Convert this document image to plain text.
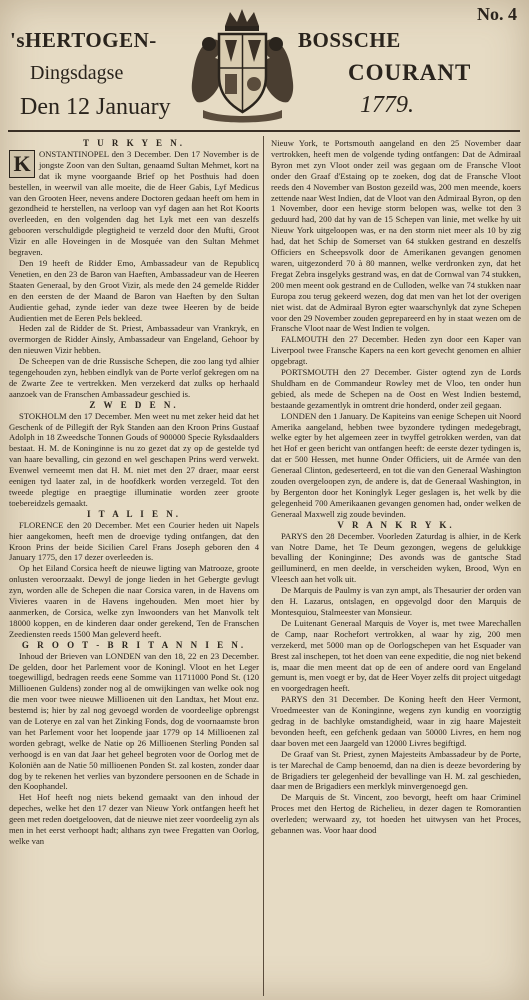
No. 4
'sHERTOGEN-	BOSSCHE
Dingsdagse	COURANT
Den 12 January	1779.

T U R K Y E N.

K ONSTANTINOPEL den 3 December. Den 17 November is de jongste Zoon van den Sultan, genaamd Sultan Mehmet, kort na dat ik myne voorgaande Brief op het Posthuis had doen bestellen, in weerwil van alle moeite, die de Heer Gabis, Lyf Medicus van den Grooten Heer, nevens andere Doctoren gedaan heeft om hem in gezondheid te herstellen, na verloop van vyf dagen aan het Rot Koorts overleeden, en den volgenden dag het Lyk met een van deszelfs gebooren verschuldigde plegtigheid te verzeld door den Mufti, Groot Vizir en alle Hoveingen in de Mosquée van den Sultan Mehmet begraven.

Den 19 heeft de Ridder Emo, Ambassadeur van de Republicq Venetien, en den 23 de Baron van Haeften, Ambassadeur van de Heeren Staaten Generaal, by den Groot Vizir, als mede den 24 gemelde Ridder en den eersten de der Maand de Baron van Haeften by den Sultan Audientie gehad, zynde ieder van deze twee Heeren by de beide Audientien met de Eeren Pels bekleed.

Heden zal de Ridder de St. Priest, Ambassadeur van Vrankryk, en overmorgen de Ridder Ainsly, Ambassadeur van Engeland, Gehoor by den nieuwen Vizir hebben.

De Scheepen van de drie Russische Schepen, die zoo lang tyd alhier tegengehouden zyn, hebben eindlyk van de Porte verlof gekregen om na de Zwarte Zee te vertrekken. Men verzekerd dat zulks op herhaald aanzoek van de Franschen Ambassadeur geschied is.

Z W E D E N.

STOKHOLM den 17 December. Men weet nu met zeker heid dat het Geschenk of de Pillegift der Ryk Standen aan den Kroon Prins Gustaaf Adolph in 18 Zweedsche Tonnen Gouds of 900000 Specie Ryksdaalders bestaat. H. M. de Koninginne is nu zo gezet dat zy op de gestelde tyd van haare bevalling, cin gezond en wel geschapen Prins werd verwekt. Evenwel verneemt men dat H. M. niet met den 27 draer, maar eerst eenigen tyd laater zal, in de hoofdkerk worden verzegeld. Tot den tweede plegtige en praegtige illuminatie worden zeer groote toebereidzels gemaakt.

I T A L I E N.

FLORENCE den 20 December. Met een Courier heden uit Napels hier aangekomen, heeft men de droevige tyding ontfangen, dat den Kroon Prins der beide Sicilien Carel Frans Joseph geboren den 4 January 1775, den 17 dezer overleeden is.

Op het Eiland Corsica heeft de nieuwe ligting van Matrooze, groote onlusten veroorzaakt. Dewyl de jonge lieden in het Gebergte gevlugt zyn, worden alle de Schepen die naar Corsica varen, in de Havens om Vivieres vaaren in de Havens ingehouden. Men moet hier by aanmerken, de Corsica, welke zyn Inwoonders van het Manvolk telt 18000 koppen, en de kinderen daar onder gerekend, Ten de Franschen Zeediensten reeds 1500 Man geleverd heeft.

G R O O T - B R I T A N N I E N.

Inhoud der Brieven van LONDEN van den 18, 22 en 23 December. De gelden, door het Parlement voor de Koningl. Vloot en het Leger toegewilligd, bedragen reeds eene Somme van 11711000 Pond St. (120 Millioenen Guldens) zonder nog al de omwijkingen van welke ook nog die men voor twee nieuwe Millioenen uit den Landtax, het Mout enz. bestemd is; hier by zal nog gevoegd worden de voordeelige opbrengst van de Loterye en zal van het Zinking Fonds, dog de voornaamste bron van het Parlement voor het loopende jaar 1779 op 14 Millioenen zal worden gebragt, welke de Natie op 26 Millioenen Sterling Ponden sal verhoogd is en van dat Jaar het geheel begroten voor de Oorlog met de Koloniën aan de Natie 50 millioenen Ponden St. zal kosten, zonder daar dog by te rekenen het verlies van byzondere persoonen en de Schade in den Koophandel.

Het Hof heeft nog niets bekend gemaakt van den inhoud der depeches, welke het den 17 dezer van Nieuw York ontfangen heeft het geen met reden doetgelooven, dat de nieuwe niet zeer voordeelig zyn als men in het eerst verhoopt hadt; althans zyn twee Fregatten van Oorlog, welke van

Nieuw York, te Portsmouth aangeland en den 25 November daar vertrokken, heeft men de volgende tyding ontfangen: Dat de Admiraal Byron met zyn Vloot onder zeil was gegaan om de Fransche Vloot onder den Graaf d'Estaing op te zoeken, dog dat de Fransche Vloot reeds den 4 November van Boston gezeild was, 200 men meende, koers zettende naar West Indien, dat de Vloot van den Admiraal Byron, op den 1 November, door een hevige storm belopen was, welke tot den 3 geduurd had, 200 dat hy van de 15 Schepen van linie, met welke hy uit Nieuw York uitgeloopen was, er na den storm niet meer als 10 by zig had, dat het Schip de Somerset van 64 stukken gestrand en deszelfs Officiers en Scheepsvolk door de Amerikanen gevangen genomen waren, uitgezonderd 70 à 80 mannen, welke verdronken zyn, dat het Fregat Zebra insgelyks gestrand was, en dat de Cornwal van 74 stukken, 200 men meent ook gestrand en de Culloden, welke van 74 stukken naar Europa zou terug gekeerd wezen, dog dat men van het lot der overigen niet wist. dat de Admiraal Byron egter waarschynlyk dat zyne Schepen voor den 29 November zouden geprepareerd en hy in staat wezen om de Fransche Vloot naar de West Indien te volgen.

FALMOUTH den 27 December. Heden zyn door een Kaper van Liverpool twee Fransche Kapers na een kort gevecht genomen en alhier opgebragt.

PORTSMOUTH den 27 December. Gister ogtend zyn de Lords Shuldham en de Commandeur Rowley met de Vloo, ten onder hun gebied, als mede de Schepen na de Oost en West Indien bestemd, bestaande gezamentlyk in omtrent drie honderd, onder zeil gegaan.

LONDEN den 1 January. De Kapiteins van eenige Schepen uit Noord Amerika aangeland, hebben twee byzondere tydingen medegebragt, welke egter by het algemeen zeer in twyffel getrokken werden, van dat het Hof er geen bericht van ontfangen heeft: de eerste dezer tydingen is, dat er 500 Hessen, met hunne Onder Officiers, uit de Armée van den Generaal Clinton, gedeserteerd, en tot die van den Generaal Washington zouden overgeloopen zyn, de andere is, dat de Generaal Washington, in by Bergenton door het Koninglyk Leger geslagen is, het welk by die gelegenheid 700 Amerikaanen gevangen genomen had, onder welken de Generaal Maxwell zig zoude bevinden.

V R A N K R Y K.

PARYS den 28 December. Voorleden Zaturdag is alhier, in de Kerk van Notre Dame, het Te Deum gezongen, wegens de gelukkige bevalling der Koninginne; Des avonds was de gantsche Stad geilluminerd, en men deelde, in verscheiden wyken, Brood, Wyn en Vleesch aan het volk uit.

De Marquis de Paulmy is van zyn ampt, als Thesaurier der orden van den H. Lazarus, ontslagen, en opgevolgd door den Marquis de Montesquiou, Stalmeester van Monsieur.

De Luitenant Generaal Marquis de Voyer is, met twee Marechallen de Camp, naar Rochefort vertrokken, al waar hy zig, 200 men verzekerd, met 5000 man op de Oorlogschepen van het Esquader van Brest zal inschepen, tot het doen van eene expeditie, die nog niet bekend is, maar die men meent dat op de een of andere oord van Engeland gemunt is, men voegt er by, dat de Heer Voyer zelfs dit project uitgedagt en voorgedragen heeft.

PARYS den 31 December. De Koning heeft den Heer Vermont, Vroedmeester van de Koninginne, wegens zyn kundig en voorzigtig gedrag in de bachlyke omstandigheid, waar in zig haare Majesteit bevonden heeft, een gefchenk gedaan van 50000 Livres, en hem nog daar boven met een Jaargeld van 12000 Livres begiftigd.

De Graaf van St. Priest, zynen Majesteits Ambassadeur by de Porte, is ter Marechal de Camp benoemd, dan na dien is deeze bevordering by de Brigadiers ter gelegenheid der bevallinge van H. M. zal geschieden, daar men de Brigadiers een merklyk minvergenoegd gen.

De Marquis de St. Vincent, zoo bevorgt, heeft om haar Criminel Proces met den Hertog de Richelieu, in dezer dagen te Romorantien overleden; werwaard zy, tot hoeden het uitwysen van het Proces, gebannen was. Voor haar dood
